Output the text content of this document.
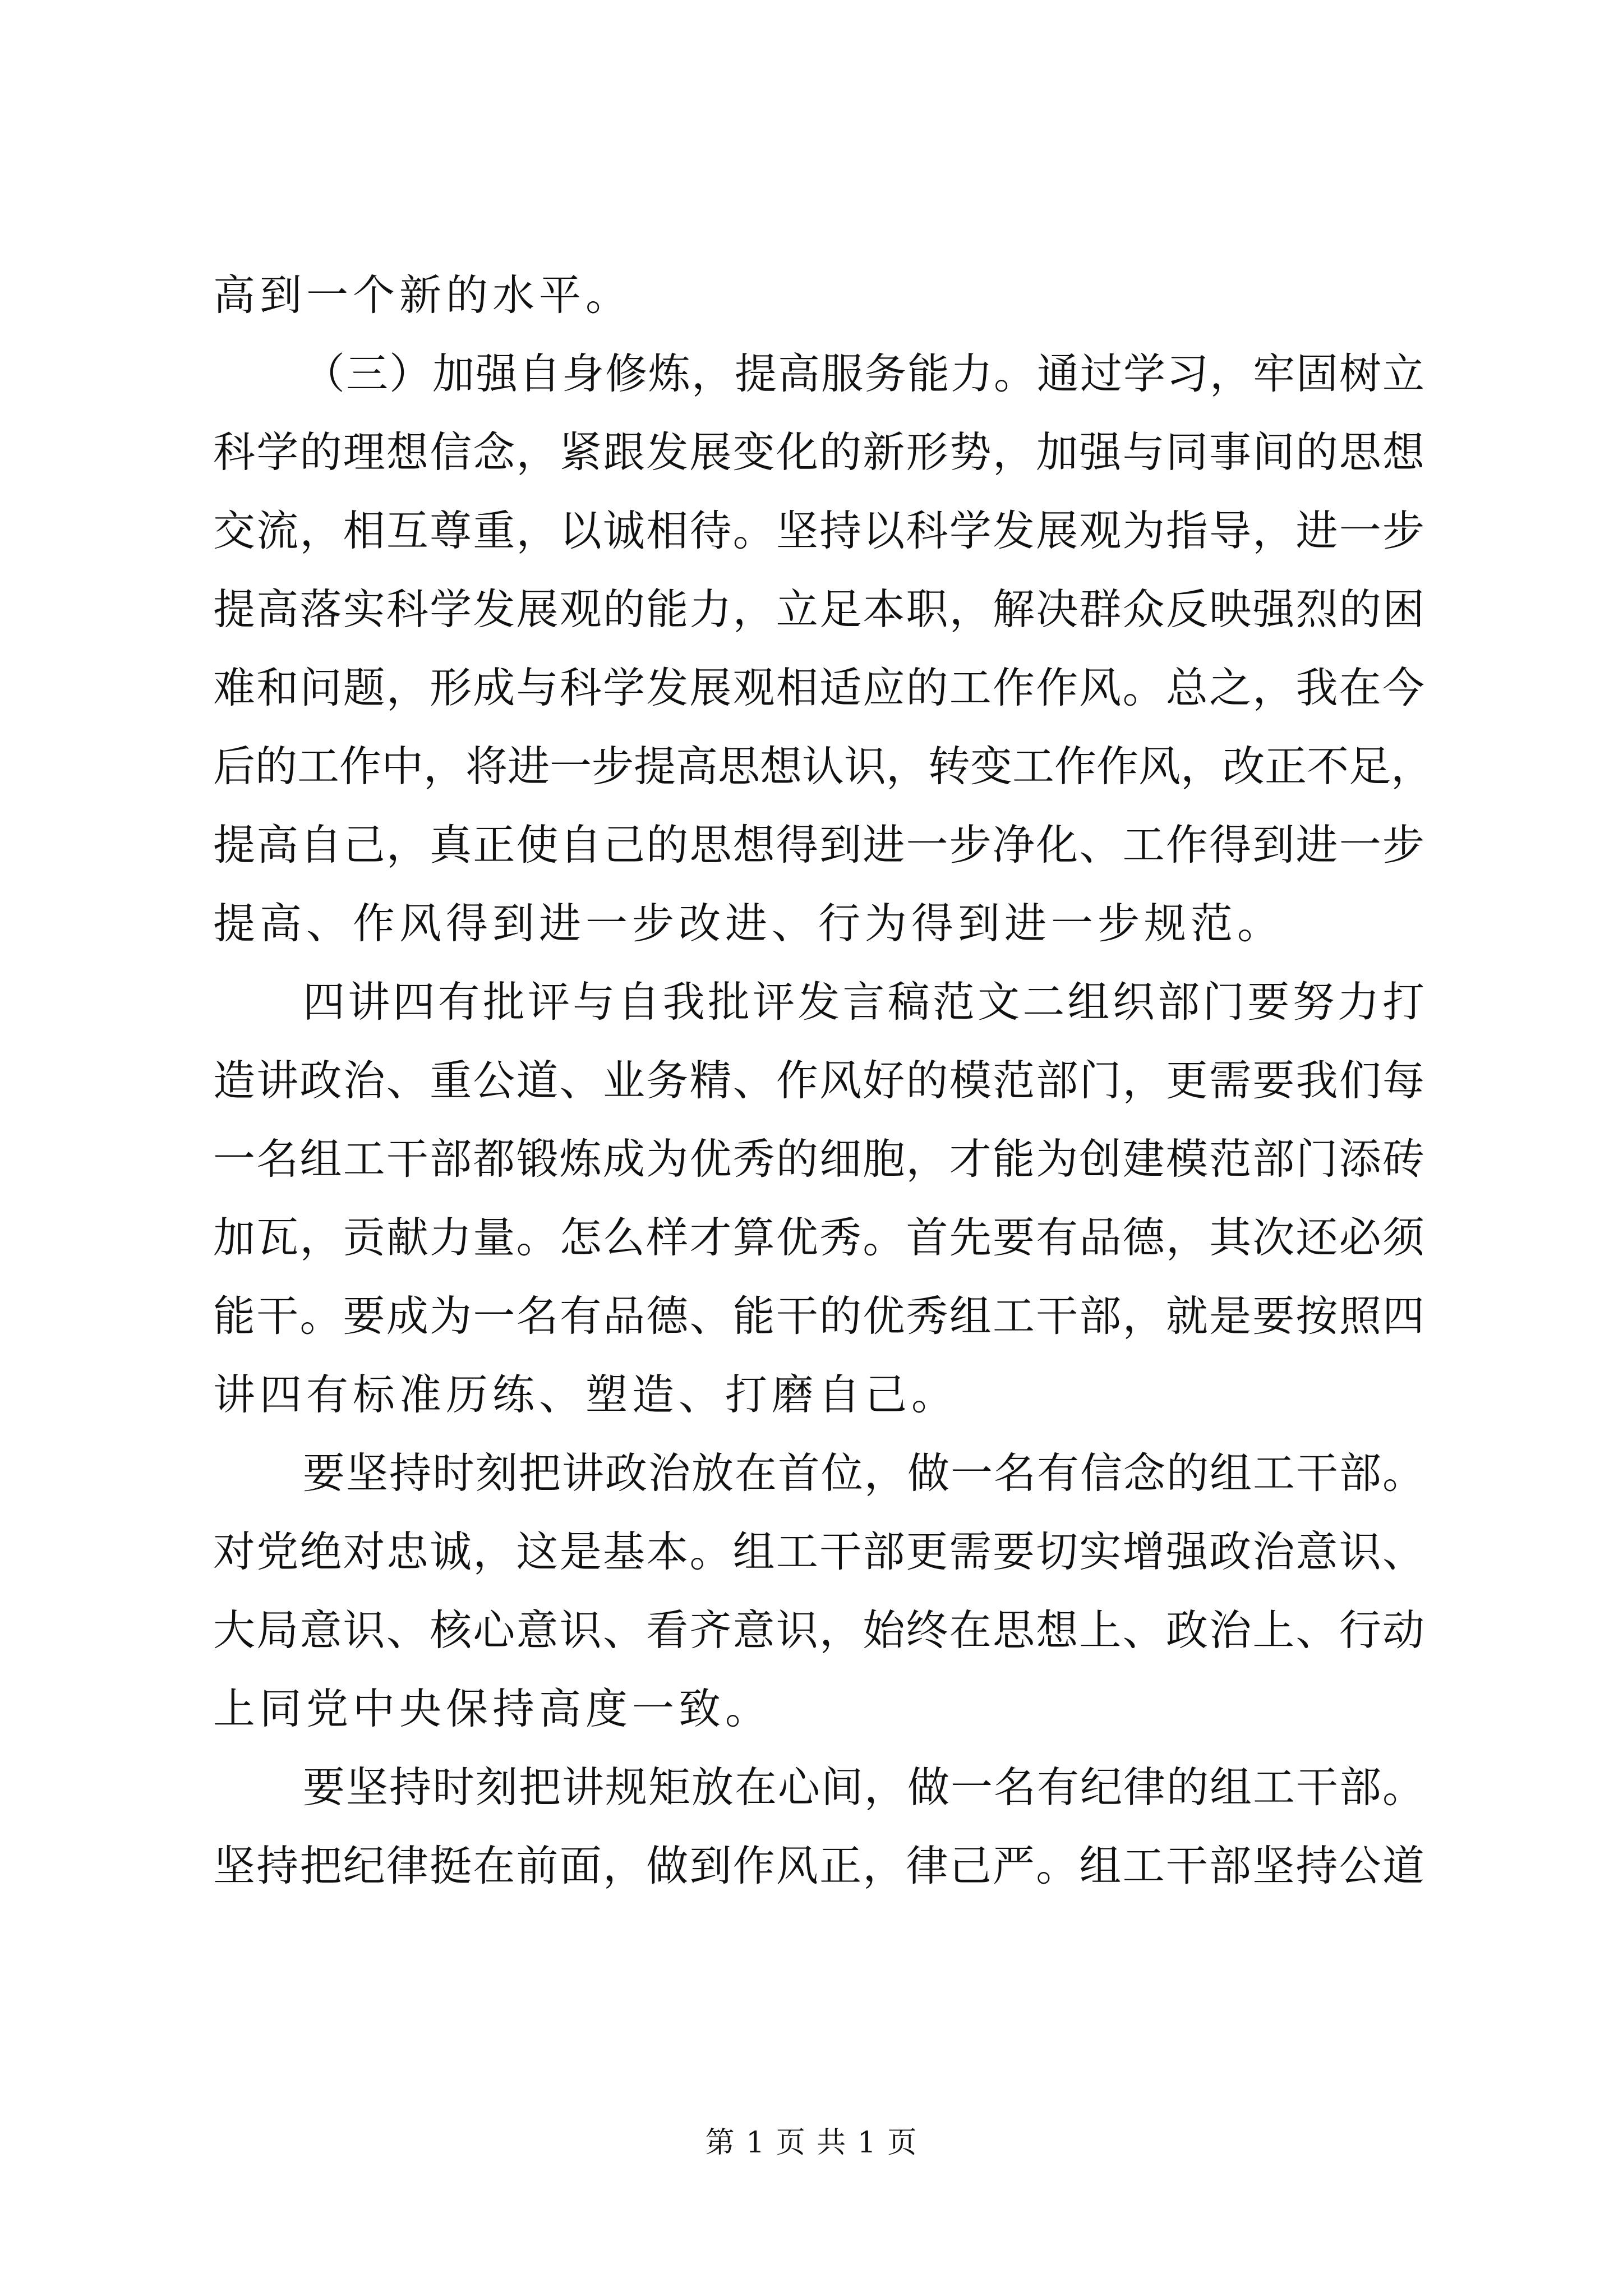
高到一个新的水平。
（三）加强自身修炼，提高服务能力。通过学习，牢固树立
科学的理想信念，紧跟发展变化的新形势，加强与同事间的思想
交流，相互尊重，以诚相待。坚持以科学发展观为指导，进一步
提高落实科学发展观的能力，立足本职，解决群众反映强烈的困
难和问题，形成与科学发展观相适应的工作作风。总之，我在今
后的工作中，将进一步提高思想认识，转变工作作风，改正不足，
提高自己，真正使自己的思想得到进一步净化、工作得到进一步
提高、作风得到进一步改进、行为得到进一步规范。
四讲四有批评与自我批评发言稿范文二组织部门要努力打
造讲政治、重公道、业务精、作风好的模范部门，更需要我们每
一名组工干部都锻炼成为优秀的细胞，才能为创建模范部门添砖
加瓦，贡献力量。怎么样才算优秀。首先要有品德，其次还必须
能干。要成为一名有品德、能干的优秀组工干部，就是要按照四
讲四有标准历练、塑造、打磨自己。
要坚持时刻把讲政治放在首位，做一名有信念的组工干部。
对党绝对忠诚，这是基本。组工干部更需要切实增强政治意识、
大局意识、核心意识、看齐意识，始终在思想上、政治上、行动
上同党中央保持高度一致。
要坚持时刻把讲规矩放在心间，做一名有纪律的组工干部。
坚持把纪律挺在前面，做到作风正，律己严。组工干部坚持公道
第 1 页 共 1 页
